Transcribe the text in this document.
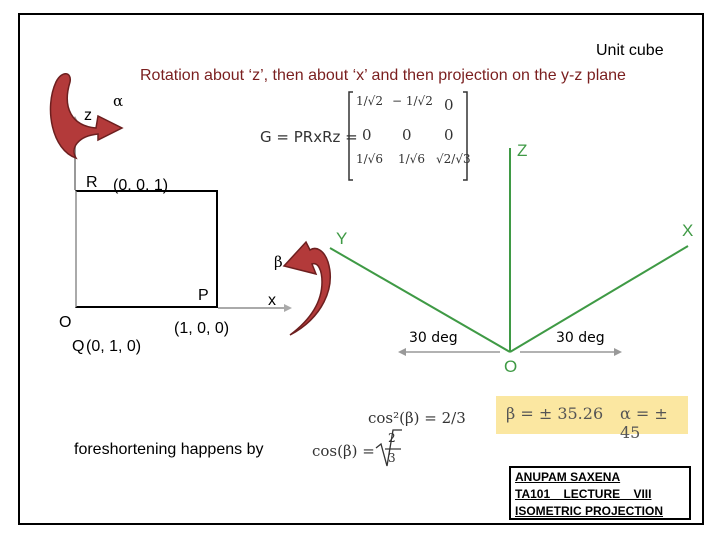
Unit cube
Rotation about ‘z’, then about ‘x’ and then projection on the y-z plane
z
α
β
x
R (0, 0, 1)
P
(1, 0, 0)
O
Q (0, 1, 0)
G = PRxRz =
1/√2 − 1/√2 0
0 0 0
1/√6 1/√6 √2/√3	Z
X
Y
O
30 deg	30 deg
cos²(β) = 2/3
cos(β) =
2
3
β = ± 35.26 α = ± 45
foreshortening happens by
ANUPAM SAXENA
TA101    LECTURE    VIII
ISOMETRIC PROJECTION
